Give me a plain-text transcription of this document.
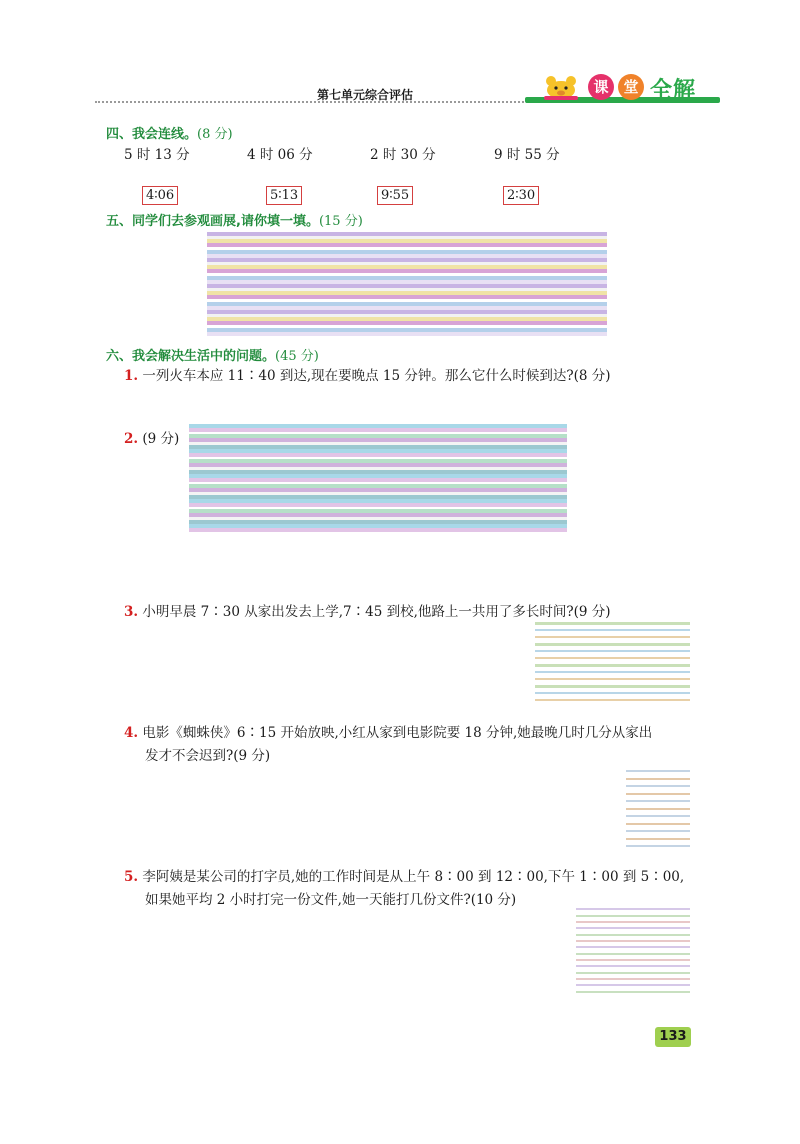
第七单元综合评估	课 堂 全解
四、我会连线。(8 分)
5 时 13 分	4 时 06 分	2 时 30 分	9 时 55 分
4∶06	5∶13	9∶55	2∶30
五、同学们去参观画展,请你填一填。(15 分)
六、我会解决生活中的问题。(45 分)
1. 一列火车本应 11∶40 到达,现在要晚点 15 分钟。那么它什么时候到达?(8 分)
2. (9 分)
3. 小明早晨 7∶30 从家出发去上学,7∶45 到校,他路上一共用了多长时间?(9 分)
4. 电影《蜘蛛侠》6∶15 开始放映,小红从家到电影院要 18 分钟,她最晚几时几分从家出
发才不会迟到?(9 分)
5. 李阿姨是某公司的打字员,她的工作时间是从上午 8∶00 到 12∶00,下午 1∶00 到 5∶00,
如果她平均 2 小时打完一份文件,她一天能打几份文件?(10 分)
133
